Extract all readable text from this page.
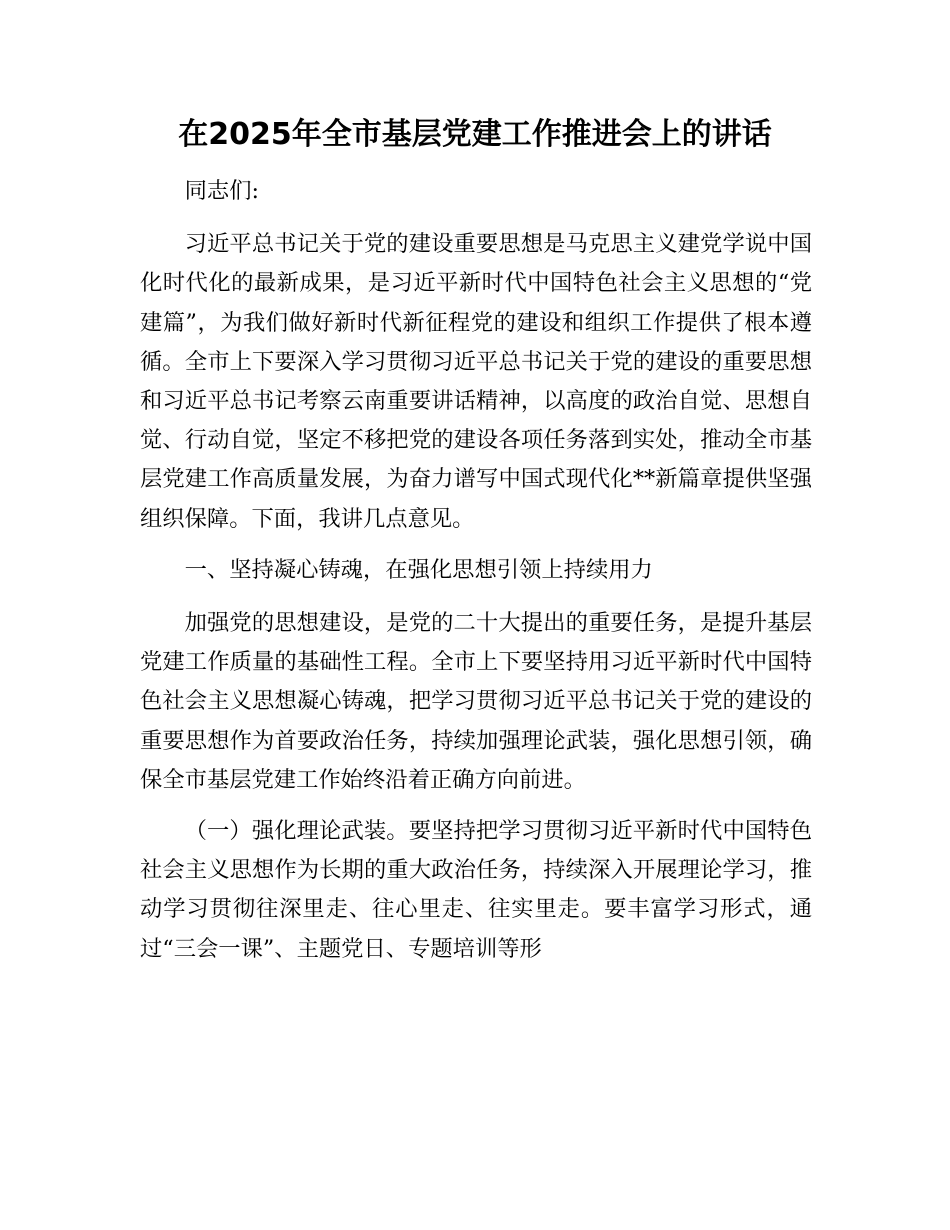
在2025年全市基层党建工作推进会上的讲话

同志们:

习近平总书记关于党的建设重要思想是马克思主义建党学说中国化时代化的最新成果，是习近平新时代中国特色社会主义思想的“党建篇”，为我们做好新时代新征程党的建设和组织工作提供了根本遵循。全市上下要深入学习贯彻习近平总书记关于党的建设的重要思想和习近平总书记考察云南重要讲话精神，以高度的政治自觉、思想自觉、行动自觉，坚定不移把党的建设各项任务落到实处，推动全市基层党建工作高质量发展，为奋力谱写中国式现代化**新篇章提供坚强组织保障。下面，我讲几点意见。

一、坚持凝心铸魂，在强化思想引领上持续用力

加强党的思想建设，是党的二十大提出的重要任务，是提升基层党建工作质量的基础性工程。全市上下要坚持用习近平新时代中国特色社会主义思想凝心铸魂，把学习贯彻习近平总书记关于党的建设的重要思想作为首要政治任务，持续加强理论武装，强化思想引领，确保全市基层党建工作始终沿着正确方向前进。

（一）强化理论武装。要坚持把学习贯彻习近平新时代中国特色社会主义思想作为长期的重大政治任务，持续深入开展理论学习，推动学习贯彻往深里走、往心里走、往实里走。要丰富学习形式，通过“三会一课”、主题党日、专题培训等形
